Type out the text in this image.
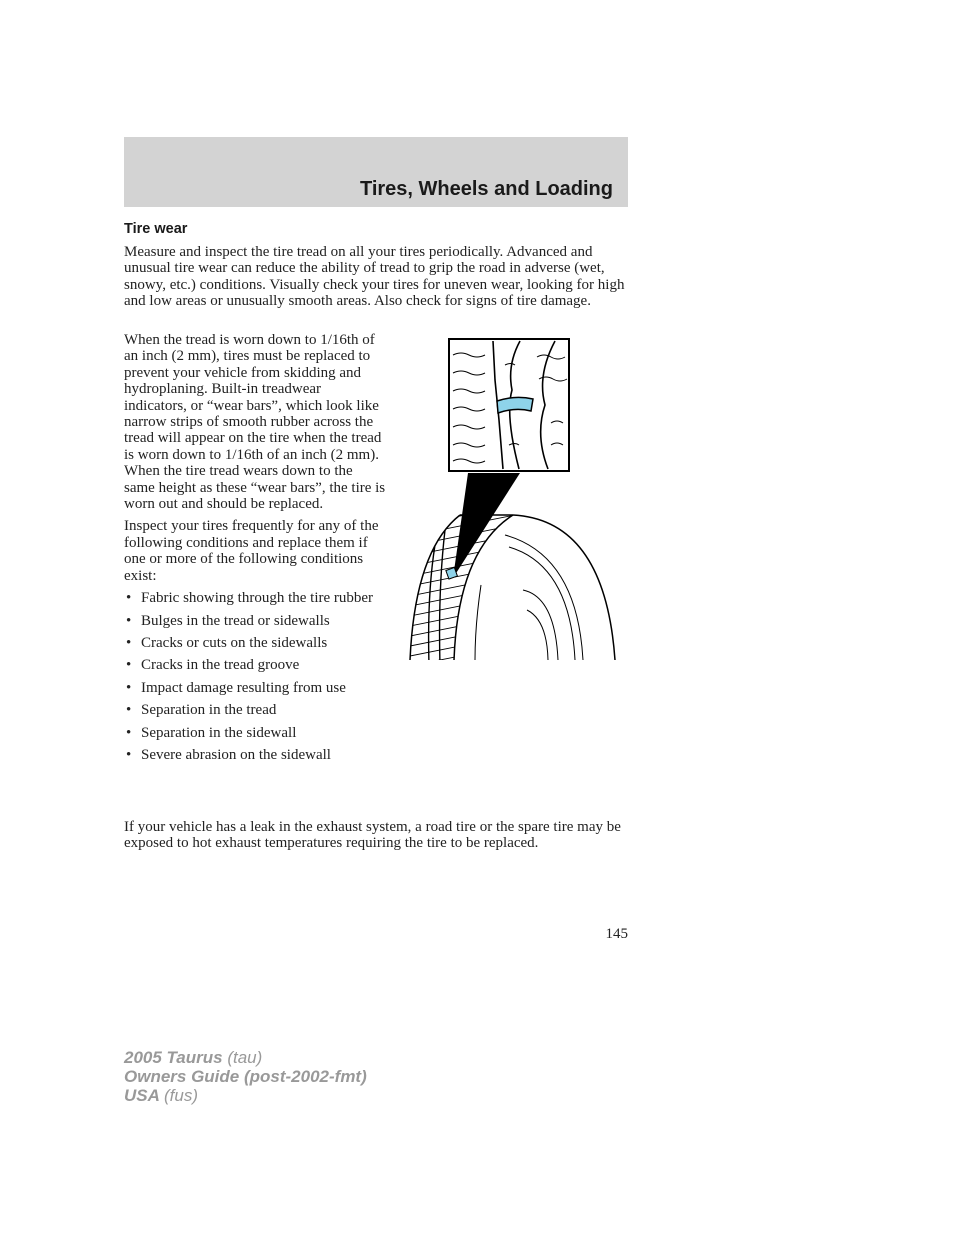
Tires, Wheels and Loading
Tire wear

Measure and inspect the tire tread on all your tires periodically. Advanced and unusual tire wear can reduce the ability of tread to grip the road in adverse (wet, snowy, etc.) conditions. Visually check your tires for uneven wear, looking for high and low areas or unusually smooth areas. Also check for signs of tire damage.

When the tread is worn down to 1/16th of an inch (2 mm), tires must be replaced to prevent your vehicle from skidding and hydroplaning. Built-in treadwear indicators, or “wear bars”, which look like narrow strips of smooth rubber across the tread will appear on the tire when the tread is worn down to 1/16th of an inch (2 mm). When the tire tread wears down to the same height as these “wear bars”, the tire is worn out and should be replaced.

Inspect your tires frequently for any of the following conditions and replace them if one or more of the following conditions exist:

• Fabric showing through the tire rubber
• Bulges in the tread or sidewalls
• Cracks or cuts on the sidewalls
• Cracks in the tread groove
• Impact damage resulting from use
• Separation in the tread
• Separation in the sidewall
• Severe abrasion on the sidewall

If your vehicle has a leak in the exhaust system, a road tire or the spare tire may be exposed to hot exhaust temperatures requiring the tire to be replaced.

145
2005 Taurus (tau)
Owners Guide (post-2002-fmt)
USA (fus)
